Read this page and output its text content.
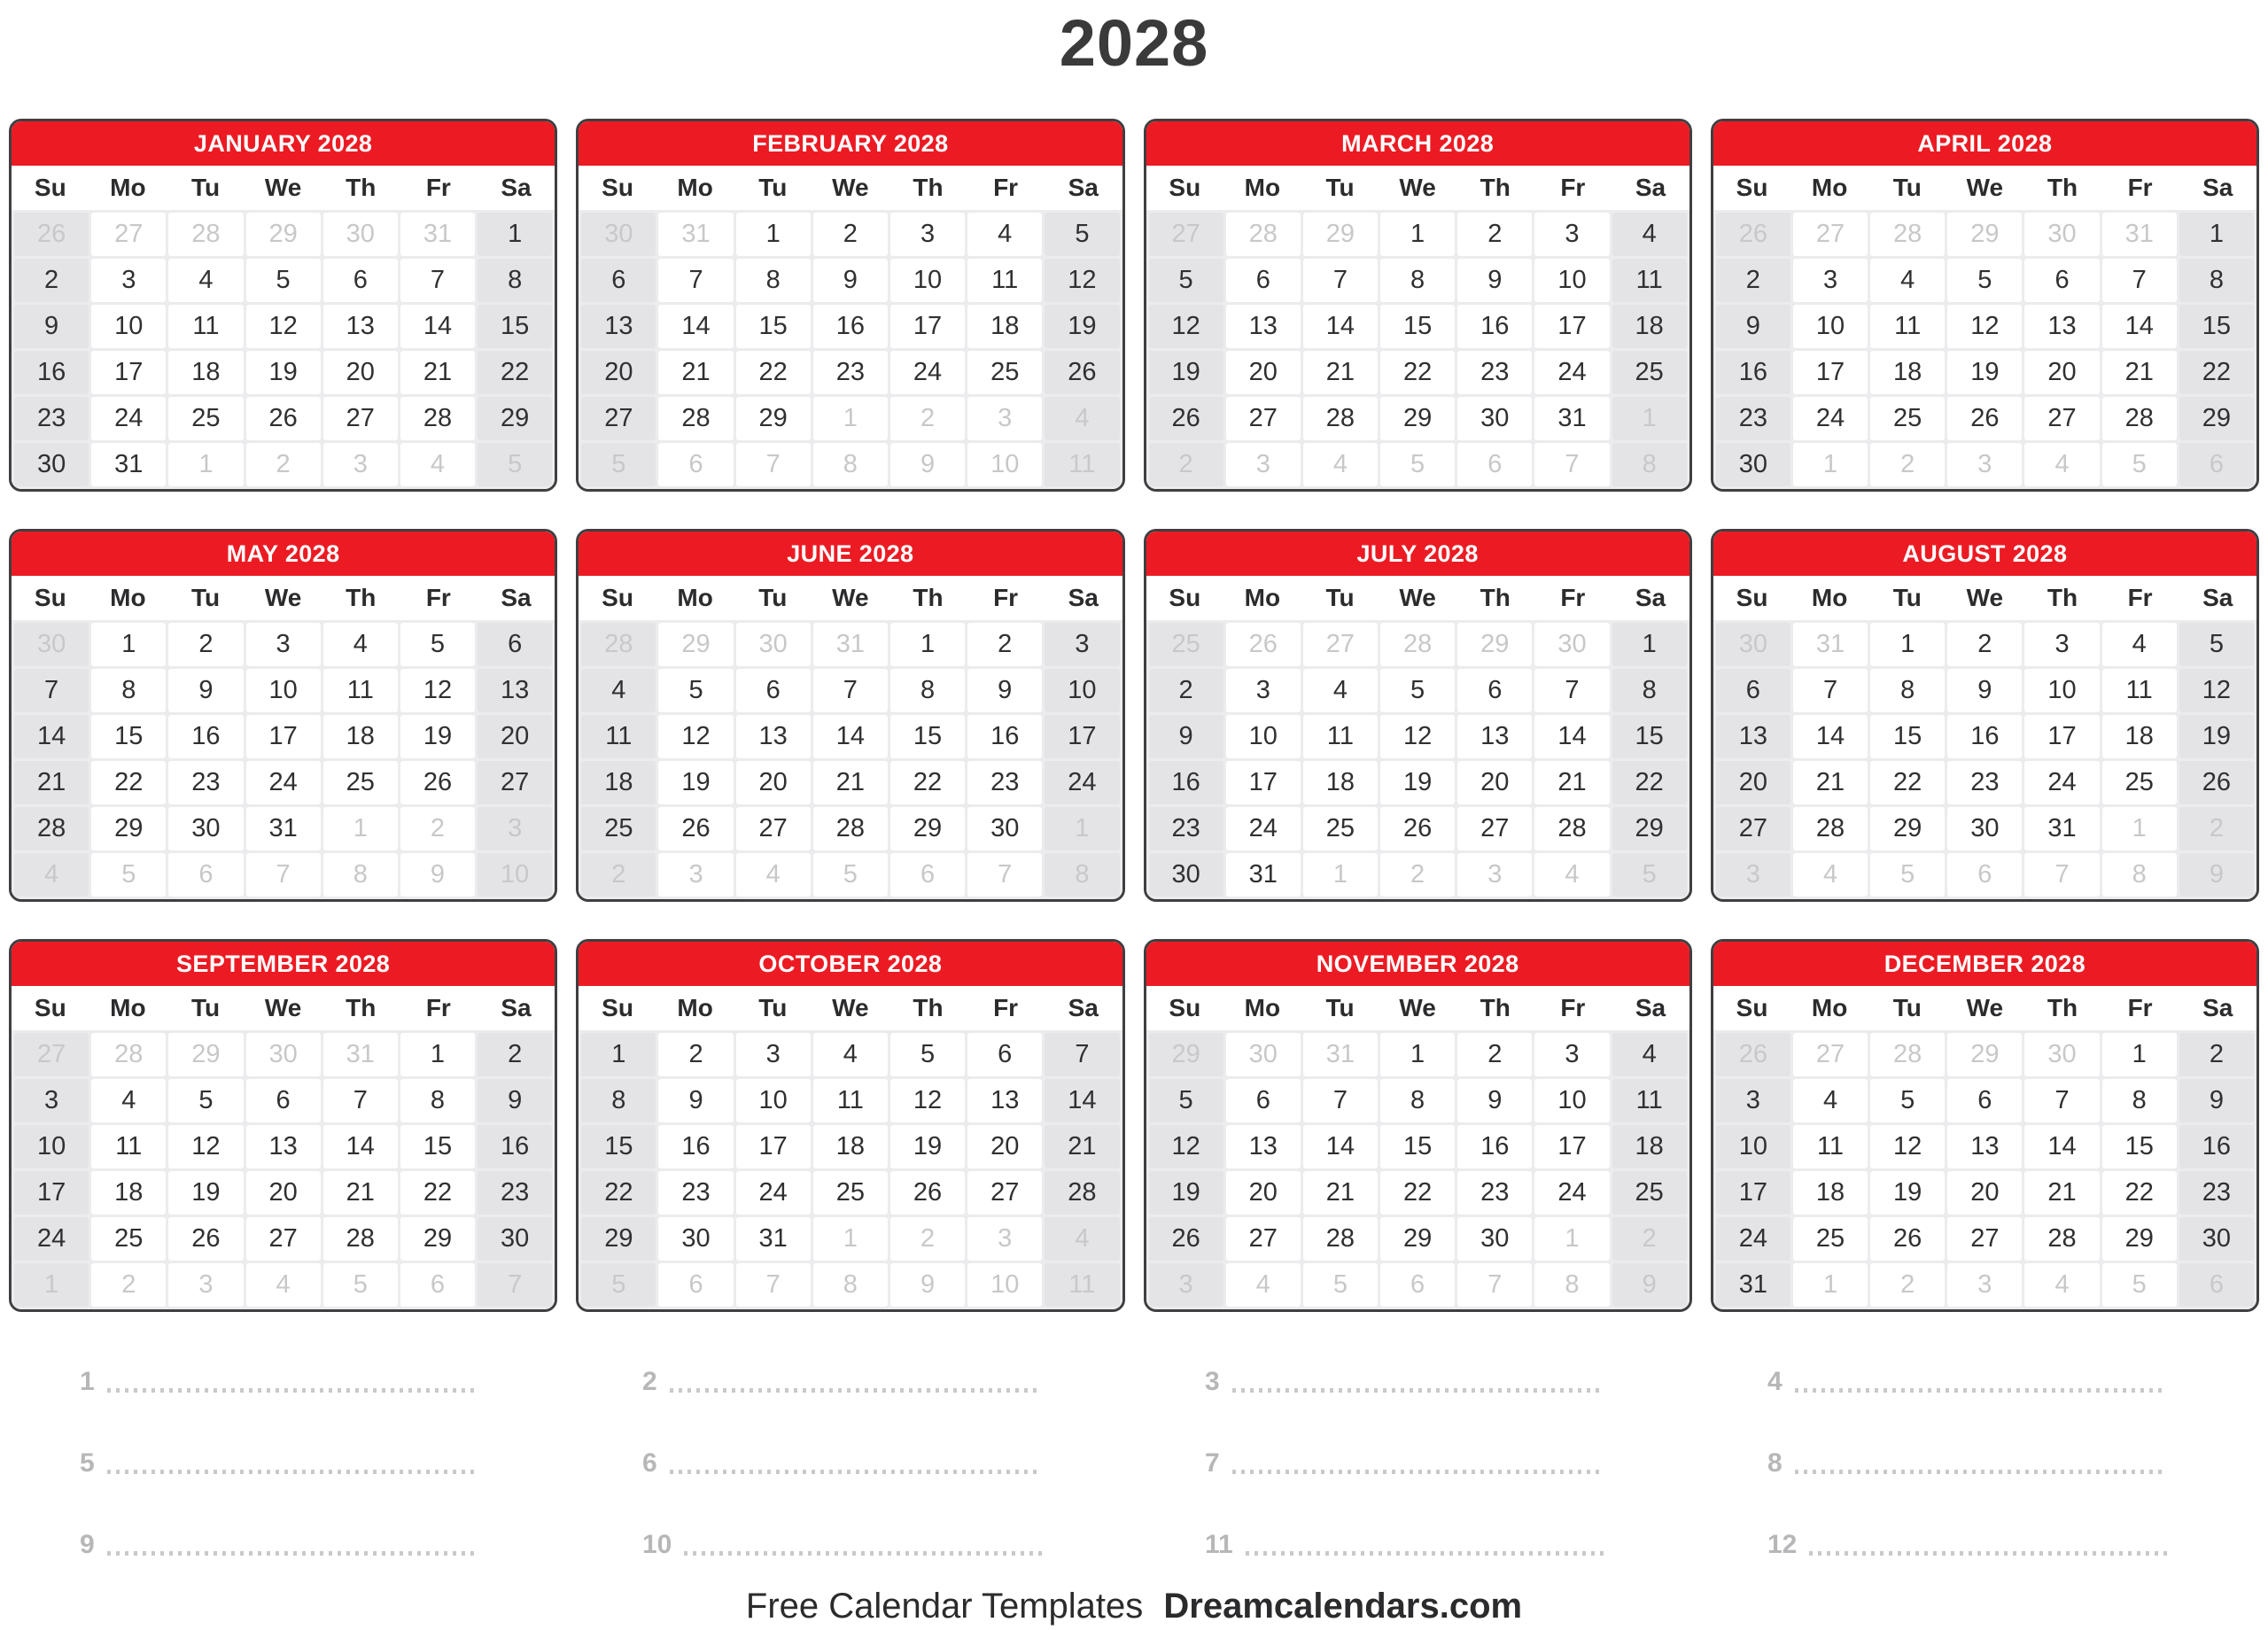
2028
JANUARY 2028
Su	Mo	Tu	We	Th	Fr	Sa
26	27	28	29	30	31	1
2	3	4	5	6	7	8
9	10	11	12	13	14	15
16	17	18	19	20	21	22
23	24	25	26	27	28	29
30	31	1	2	3	4	5
FEBRUARY 2028
Su	Mo	Tu	We	Th	Fr	Sa
30	31	1	2	3	4	5
6	7	8	9	10	11	12
13	14	15	16	17	18	19
20	21	22	23	24	25	26
27	28	29	1	2	3	4
5	6	7	8	9	10	11
MARCH 2028
Su	Mo	Tu	We	Th	Fr	Sa
27	28	29	1	2	3	4
5	6	7	8	9	10	11
12	13	14	15	16	17	18
19	20	21	22	23	24	25
26	27	28	29	30	31	1
2	3	4	5	6	7	8
APRIL 2028
Su	Mo	Tu	We	Th	Fr	Sa
26	27	28	29	30	31	1
2	3	4	5	6	7	8
9	10	11	12	13	14	15
16	17	18	19	20	21	22
23	24	25	26	27	28	29
30	1	2	3	4	5	6
MAY 2028
Su	Mo	Tu	We	Th	Fr	Sa
30	1	2	3	4	5	6
7	8	9	10	11	12	13
14	15	16	17	18	19	20
21	22	23	24	25	26	27
28	29	30	31	1	2	3
4	5	6	7	8	9	10
JUNE 2028
Su	Mo	Tu	We	Th	Fr	Sa
28	29	30	31	1	2	3
4	5	6	7	8	9	10
11	12	13	14	15	16	17
18	19	20	21	22	23	24
25	26	27	28	29	30	1
2	3	4	5	6	7	8
JULY 2028
Su	Mo	Tu	We	Th	Fr	Sa
25	26	27	28	29	30	1
2	3	4	5	6	7	8
9	10	11	12	13	14	15
16	17	18	19	20	21	22
23	24	25	26	27	28	29
30	31	1	2	3	4	5
AUGUST 2028
Su	Mo	Tu	We	Th	Fr	Sa
30	31	1	2	3	4	5
6	7	8	9	10	11	12
13	14	15	16	17	18	19
20	21	22	23	24	25	26
27	28	29	30	31	1	2
3	4	5	6	7	8	9
SEPTEMBER 2028
Su	Mo	Tu	We	Th	Fr	Sa
27	28	29	30	31	1	2
3	4	5	6	7	8	9
10	11	12	13	14	15	16
17	18	19	20	21	22	23
24	25	26	27	28	29	30
1	2	3	4	5	6	7
OCTOBER 2028
Su	Mo	Tu	We	Th	Fr	Sa
1	2	3	4	5	6	7
8	9	10	11	12	13	14
15	16	17	18	19	20	21
22	23	24	25	26	27	28
29	30	31	1	2	3	4
5	6	7	8	9	10	11
NOVEMBER 2028
Su	Mo	Tu	We	Th	Fr	Sa
29	30	31	1	2	3	4
5	6	7	8	9	10	11
12	13	14	15	16	17	18
19	20	21	22	23	24	25
26	27	28	29	30	1	2
3	4	5	6	7	8	9
DECEMBER 2028
Su	Mo	Tu	We	Th	Fr	Sa
26	27	28	29	30	1	2
3	4	5	6	7	8	9
10	11	12	13	14	15	16
17	18	19	20	21	22	23
24	25	26	27	28	29	30
31	1	2	3	4	5	6
1	2	3	4
5	6	7	8
9	10	11	12
Free Calendar Templates Dreamcalendars.com
